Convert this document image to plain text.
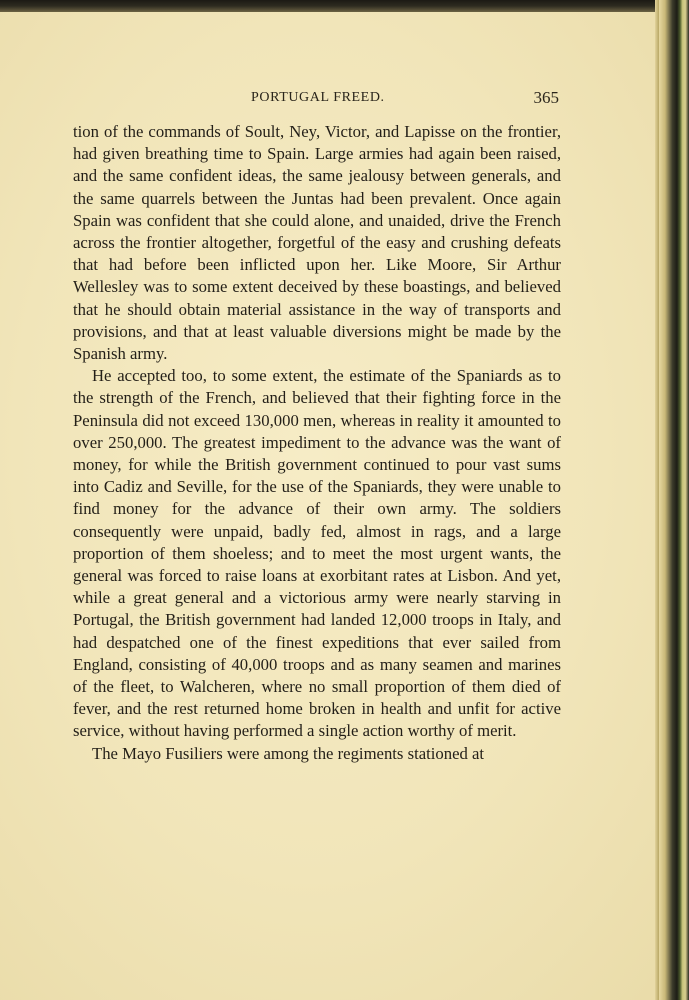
PORTUGAL FREED.	365

tion of the commands of Soult, Ney, Victor, and Lapisse on the frontier, had given breathing time to Spain. Large armies had again been raised, and the same confident ideas, the same jealousy between generals, and the same quarrels between the Juntas had been prevalent. Once again Spain was confident that she could alone, and unaided, drive the French across the frontier altogether, forgetful of the easy and crushing defeats that had before been inflicted upon her. Like Moore, Sir Arthur Wellesley was to some extent deceived by these boastings, and believed that he should obtain material assistance in the way of transports and provisions, and that at least valuable diversions might be made by the Spanish army.

He accepted too, to some extent, the estimate of the Spaniards as to the strength of the French, and believed that their fighting force in the Peninsula did not exceed 130,000 men, whereas in reality it amounted to over 250,000. The greatest impediment to the advance was the want of money, for while the British government continued to pour vast sums into Cadiz and Seville, for the use of the Spaniards, they were unable to find money for the advance of their own army. The soldiers consequently were unpaid, badly fed, almost in rags, and a large proportion of them shoeless; and to meet the most urgent wants, the general was forced to raise loans at exorbitant rates at Lisbon. And yet, while a great general and a victorious army were nearly starving in Portugal, the British government had landed 12,000 troops in Italy, and had despatched one of the finest expeditions that ever sailed from England, consisting of 40,000 troops and as many seamen and marines of the fleet, to Walcheren, where no small proportion of them died of fever, and the rest returned home broken in health and unfit for active service, without having performed a single action worthy of merit.

The Mayo Fusiliers were among the regiments stationed at
